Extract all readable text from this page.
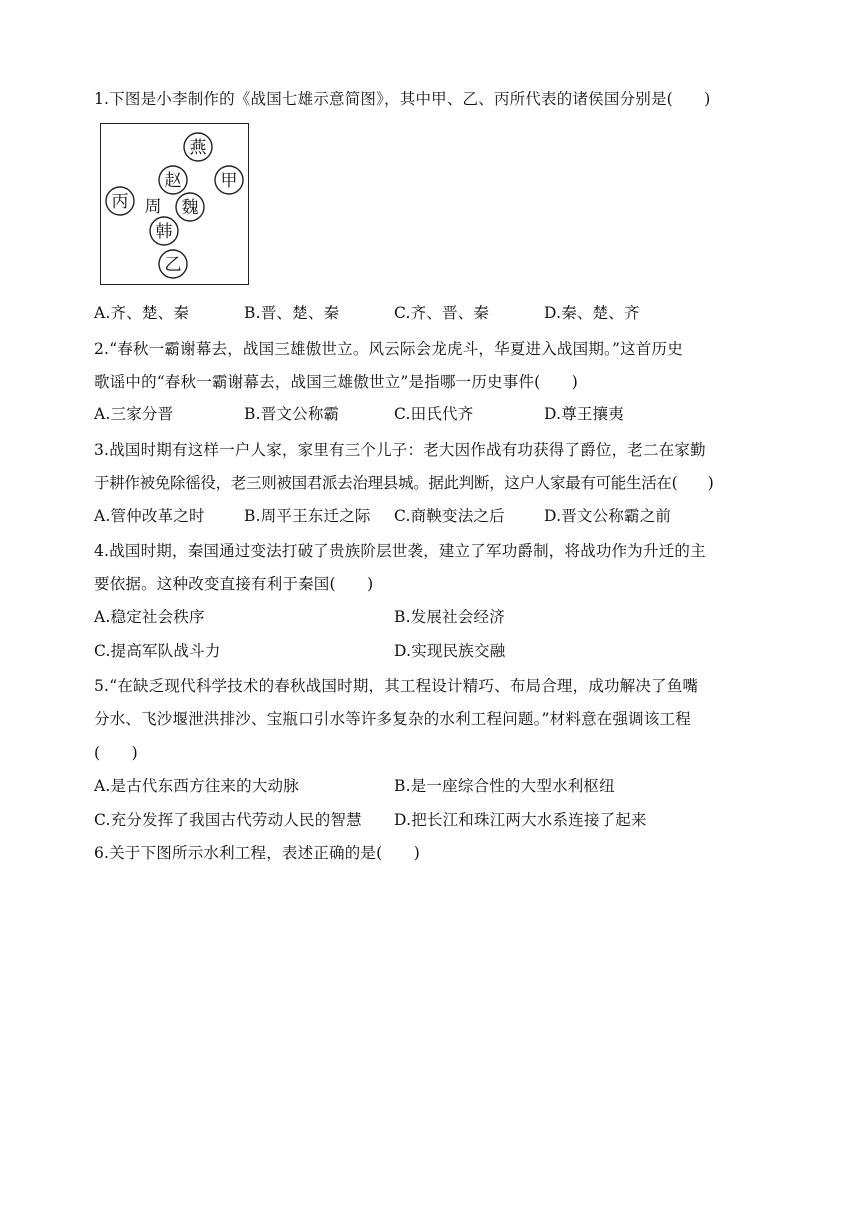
1.下图是小李制作的《战国七雄示意简图》，其中甲、乙、丙所代表的诸侯国分别是(　　)
燕
赵 甲
丙 周 魏
韩
乙
A.齐、楚、秦	B.晋、楚、秦	C.齐、晋、秦	D.秦、楚、齐
2.“春秋一霸谢幕去，战国三雄傲世立。风云际会龙虎斗，华夏进入战国期。”这首历史
歌谣中的“春秋一霸谢幕去，战国三雄傲世立”是指哪一历史事件(　　)
A.三家分晋	B.晋文公称霸	C.田氏代齐	D.尊王攘夷
3.战国时期有这样一户人家，家里有三个儿子：老大因作战有功获得了爵位，老二在家勤
于耕作被免除徭役，老三则被国君派去治理县城。据此判断，这户人家最有可能生活在(　　)
A.管仲改革之时	B.周平王东迁之际 C.商鞅变法之后	D.晋文公称霸之前
4.战国时期，秦国通过变法打破了贵族阶层世袭，建立了军功爵制，将战功作为升迁的主
要依据。这种改变直接有利于秦国(　　)
A.稳定社会秩序	B.发展社会经济
C.提高军队战斗力	D.实现民族交融
5.“在缺乏现代科学技术的春秋战国时期，其工程设计精巧、布局合理，成功解决了鱼嘴
分水、飞沙堰泄洪排沙、宝瓶口引水等许多复杂的水利工程问题。”材料意在强调该工程
(　　)
A.是古代东西方往来的大动脉	B.是一座综合性的大型水利枢纽
C.充分发挥了我国古代劳动人民的智慧 D.把长江和珠江两大水系连接了起来
6.关于下图所示水利工程，表述正确的是(　　)
